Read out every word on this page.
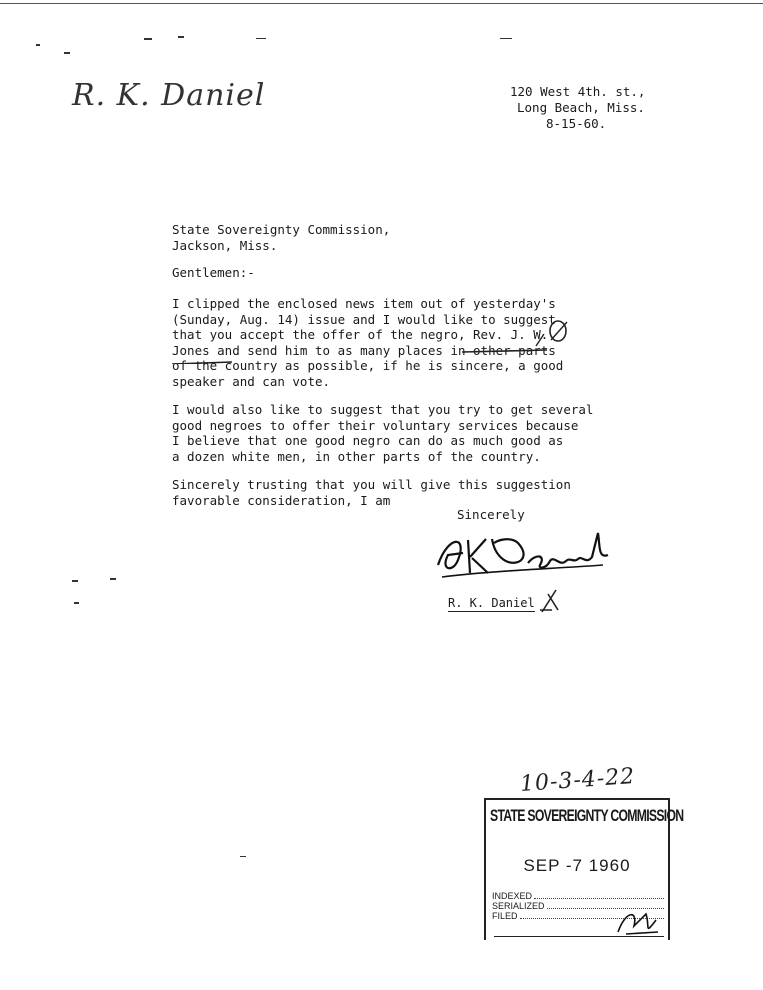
R. K. Daniel	120 West 4th. st.,
Long Beach, Miss.
8-15-60.
State Sovereignty Commission,
Jackson, Miss.
Gentlemen:-
I clipped the enclosed news item out of yesterday's
(Sunday, Aug. 14) issue and I would like to suggest
that you accept the offer of the negro, Rev. J. W.
Jones and send him to as many places in other parts
of the country as possible, if he is sincere, a good
speaker and can vote.
I would also like to suggest that you try to get several
good negroes to offer their voluntary services because
I believe that one good negro can do as much good as
a dozen white men, in other parts of the country.
Sincerely trusting that you will give this suggestion
favorable consideration, I am
Sincerely
R. K. Daniel
10-3-4-22
STATE SOVEREIGNTY COMMISSION
SEP -7 1960
INDEXED
SERIALIZED
FILED
